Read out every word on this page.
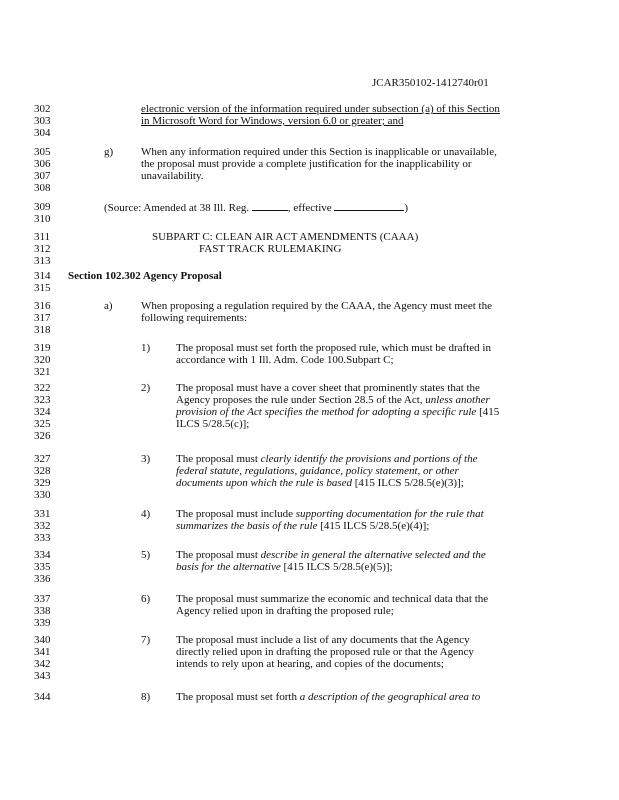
JCAR350102-1412740r01
302
303
304
305
306
307
308
309
310
311
312
313
314
315
316
317
318
319
320
321
322
323
324
325
326
327
328
329
330
331
332
333
334
335
336
337
338
339
340
341
342
343
344
electronic version of the information required under subsection (a) of this Section
in Microsoft Word for Windows, version 6.0 or greater; and
g)	When any information required under this Section is inapplicable or unavailable,
the proposal must provide a complete justification for the inapplicability or
unavailability.
(Source: Amended at 38 Ill. Reg.	, effective	)
SUBPART C: CLEAN AIR ACT AMENDMENTS (CAAA)
FAST TRACK RULEMAKING
Section 102.302 Agency Proposal
a)	When proposing a regulation required by the CAAA, the Agency must meet the
following requirements:
1) The proposal must set forth the proposed rule, which must be drafted in
accordance with 1 Ill. Adm. Code 100.Subpart C;
2) The proposal must have a cover sheet that prominently states that the
Agency proposes the rule under Section 28.5 of the Act, unless another
provision of the Act specifies the method for adopting a specific rule [415
ILCS 5/28.5(c)];
3) The proposal must clearly identify the provisions and portions of the
federal statute, regulations, guidance, policy statement, or other
documents upon which the rule is based [415 ILCS 5/28.5(e)(3)];
4) The proposal must include supporting documentation for the rule that
summarizes the basis of the rule [415 ILCS 5/28.5(e)(4)];
5) The proposal must describe in general the alternative selected and the
basis for the alternative [415 ILCS 5/28.5(e)(5)];
6) The proposal must summarize the economic and technical data that the
Agency relied upon in drafting the proposed rule;
7) The proposal must include a list of any documents that the Agency
directly relied upon in drafting the proposed rule or that the Agency
intends to rely upon at hearing, and copies of the documents;
8) The proposal must set forth a description of the geographical area to
